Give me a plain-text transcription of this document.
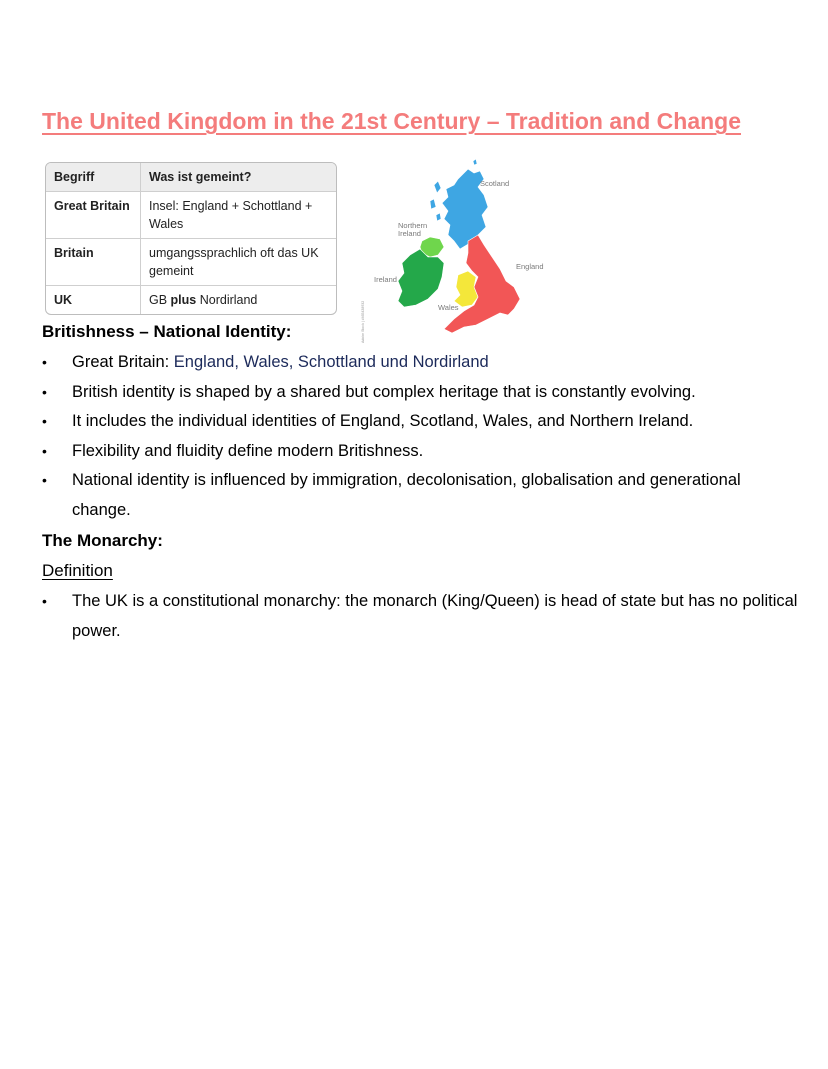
The United Kingdom in the 21st Century – Tradition and Change
Begriff	Was ist gemeint?
Great Britain	Insel: England + Schottland + Wales
Britain	umgangssprachlich oft das UK gemeint
UK	GB plus Nordirland
Scotland
Northern
Ireland
Ireland
England
Wales
Adobe Stock | #465438932
Britishness – National Identity:
• Great Britain: England, Wales, Schottland und Nordirland
• British identity is shaped by a shared but complex heritage that is constantly evolving.
• It includes the individual identities of England, Scotland, Wales, and Northern Ireland.
• Flexibility and fluidity define modern Britishness.
• National identity is influenced by immigration, decolonisation, globalisation and generational change.
The Monarchy:
Definition
• The UK is a constitutional monarchy: the monarch (King/Queen) is head of state but has no political power.
